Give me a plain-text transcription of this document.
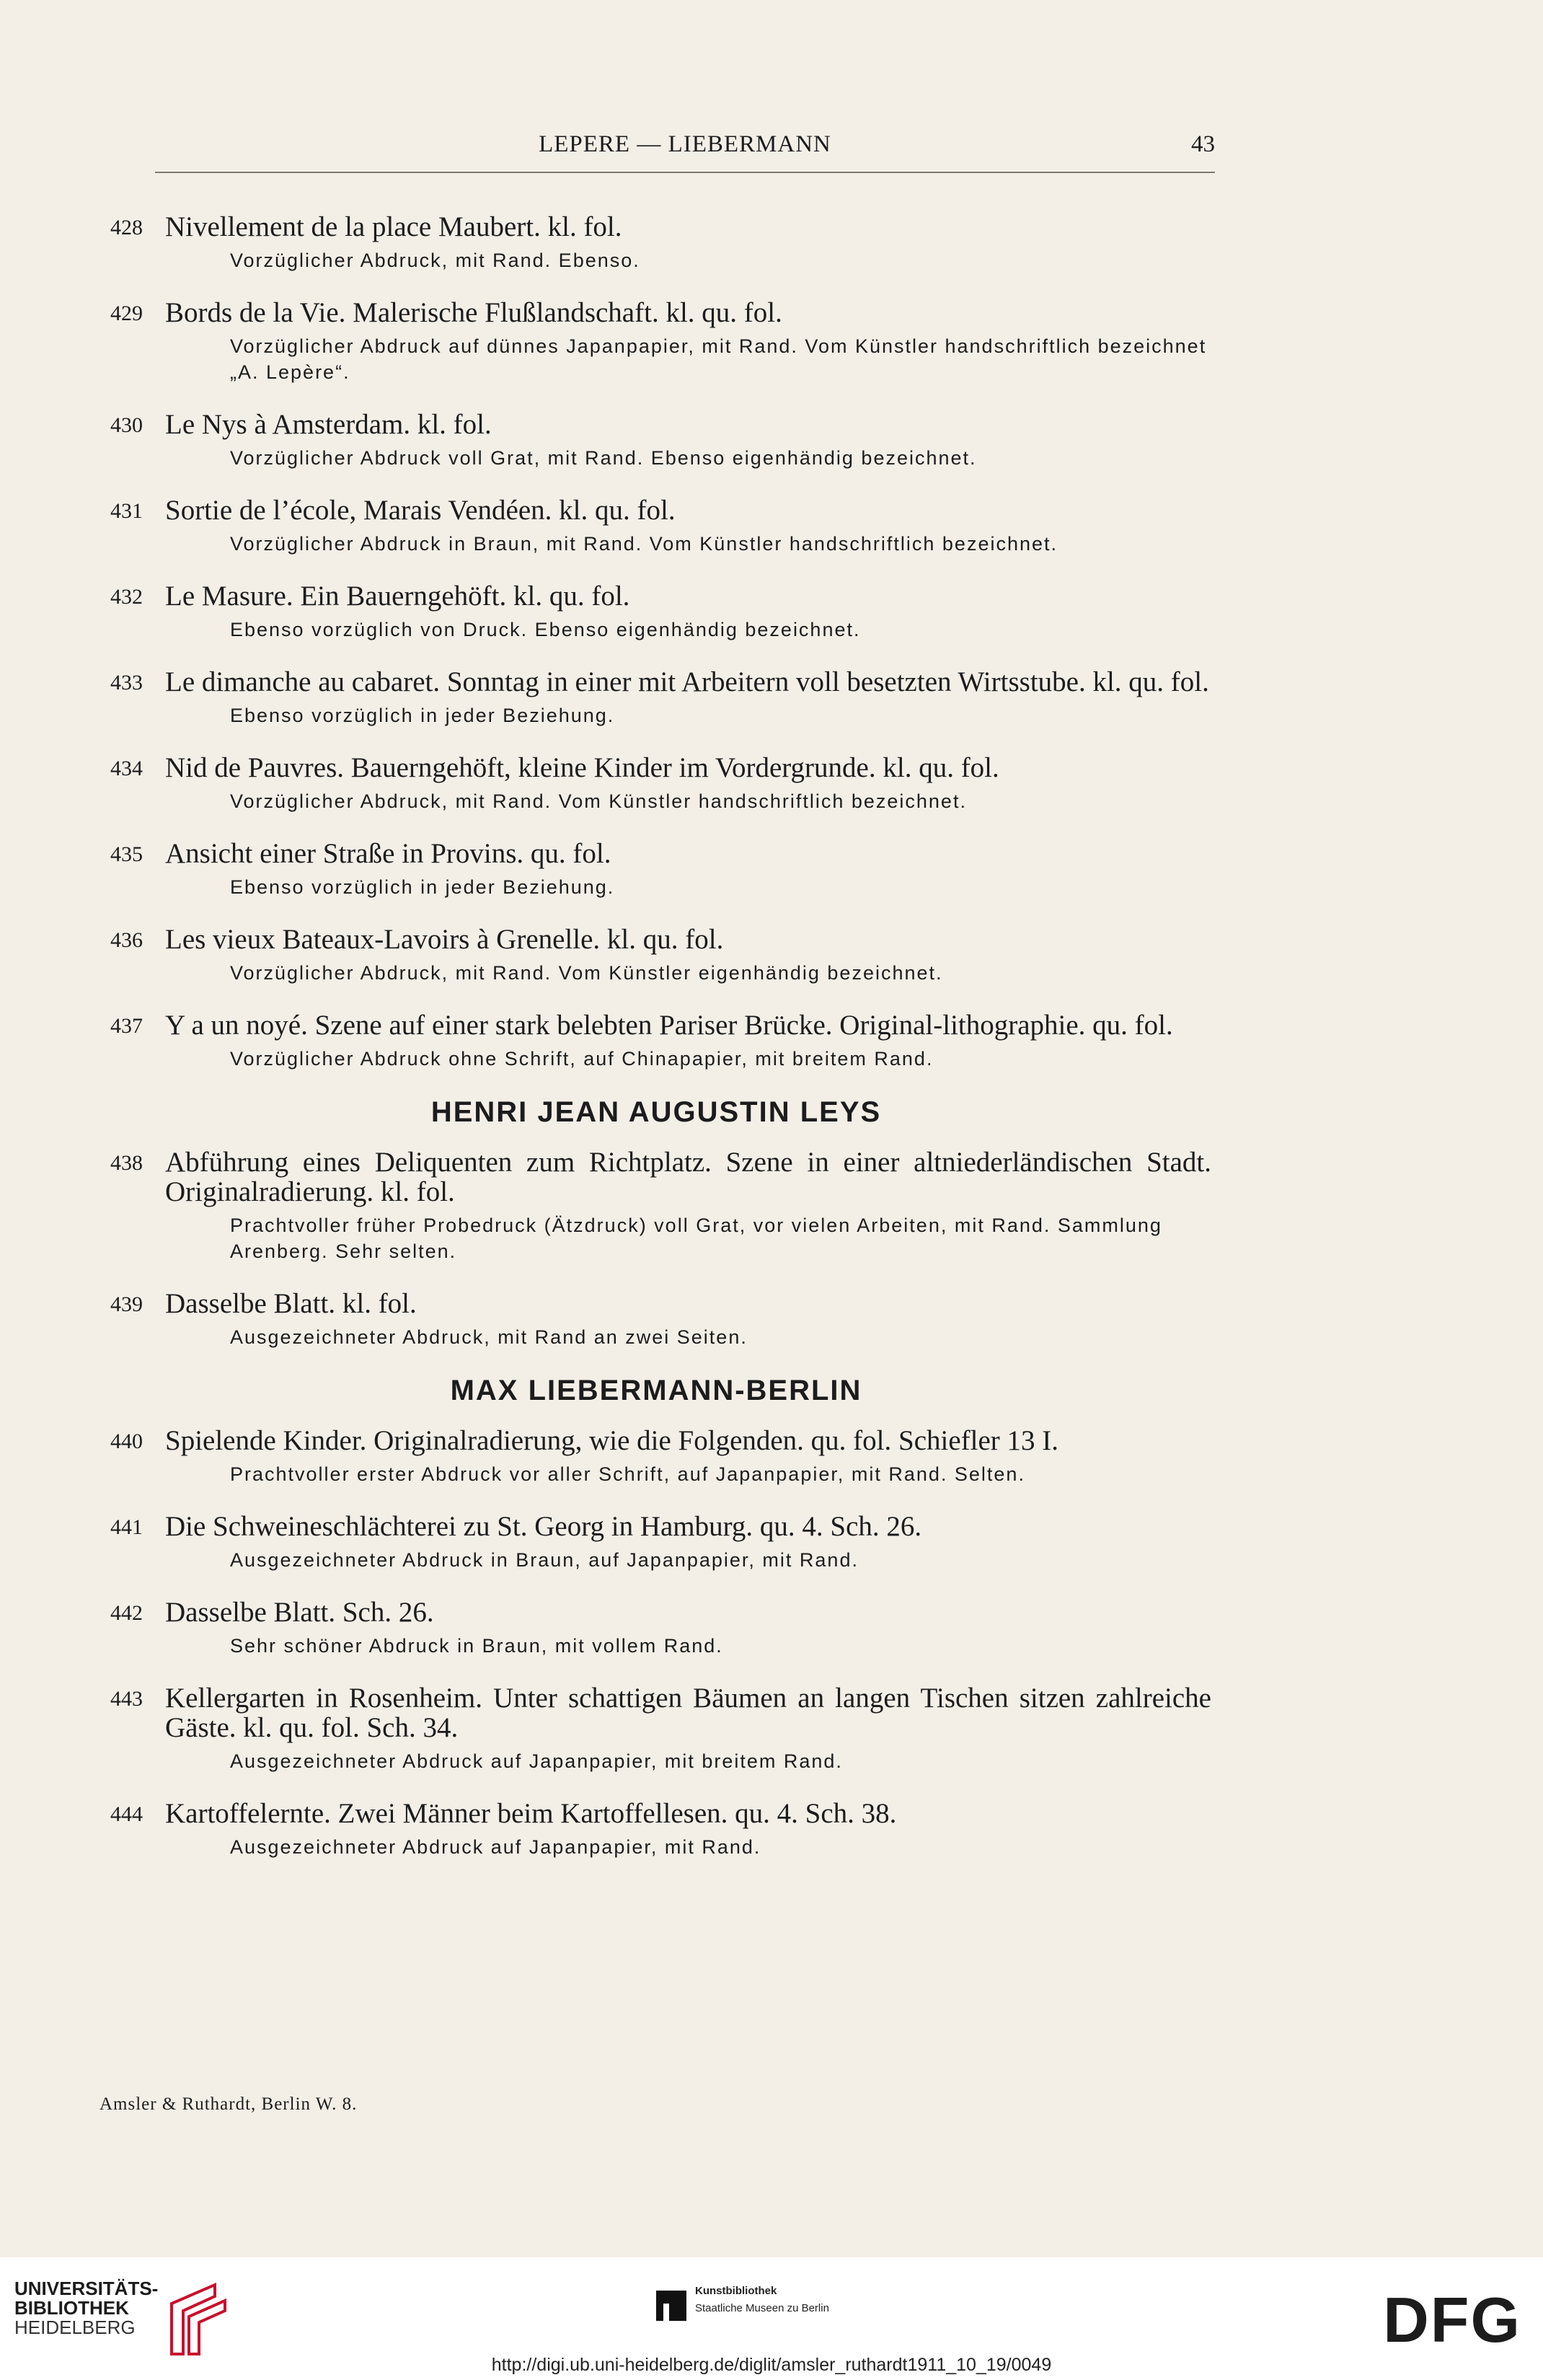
LEPERE — LIEBERMANN	43
428 Nivellement de la place Maubert. kl. fol.
Vorzüglicher Abdruck, mit Rand. Ebenso.
429 Bords de la Vie. Malerische Flußlandschaft. kl. qu. fol.
Vorzüglicher Abdruck auf dünnes Japanpapier, mit Rand. Vom Künstler handschriftlich bezeichnet „A. Lepère“.
430 Le Nys à Amsterdam. kl. fol.
Vorzüglicher Abdruck voll Grat, mit Rand. Ebenso eigenhändig bezeichnet.
431 Sortie de l’école, Marais Vendéen. kl. qu. fol.
Vorzüglicher Abdruck in Braun, mit Rand. Vom Künstler handschriftlich bezeichnet.
432 Le Masure. Ein Bauerngehöft. kl. qu. fol.
Ebenso vorzüglich von Druck. Ebenso eigenhändig bezeichnet.
433 Le dimanche au cabaret. Sonntag in einer mit Arbeitern voll besetzten Wirtsstube. kl. qu. fol.
Ebenso vorzüglich in jeder Beziehung.
434 Nid de Pauvres. Bauerngehöft, kleine Kinder im Vordergrunde. kl. qu. fol.
Vorzüglicher Abdruck, mit Rand. Vom Künstler handschriftlich bezeichnet.
435 Ansicht einer Straße in Provins. qu. fol.
Ebenso vorzüglich in jeder Beziehung.
436 Les vieux Bateaux-Lavoirs à Grenelle. kl. qu. fol.
Vorzüglicher Abdruck, mit Rand. Vom Künstler eigenhändig bezeichnet.
437 Y a un noyé. Szene auf einer stark belebten Pariser Brücke. Original-lithographie. qu. fol.
Vorzüglicher Abdruck ohne Schrift, auf Chinapapier, mit breitem Rand.
HENRI JEAN AUGUSTIN LEYS
438 Abführung eines Deliquenten zum Richtplatz. Szene in einer altniederländischen Stadt. Originalradierung. kl. fol.
Prachtvoller früher Probedruck (Ätzdruck) voll Grat, vor vielen Arbeiten, mit Rand. Sammlung Arenberg. Sehr selten.
439 Dasselbe Blatt. kl. fol.
Ausgezeichneter Abdruck, mit Rand an zwei Seiten.
MAX LIEBERMANN-BERLIN
440 Spielende Kinder. Originalradierung, wie die Folgenden. qu. fol. Schiefler 13 I.
Prachtvoller erster Abdruck vor aller Schrift, auf Japanpapier, mit Rand. Selten.
441 Die Schweineschlächterei zu St. Georg in Hamburg. qu. 4. Sch. 26.
Ausgezeichneter Abdruck in Braun, auf Japanpapier, mit Rand.
442 Dasselbe Blatt. Sch. 26.
Sehr schöner Abdruck in Braun, mit vollem Rand.
443 Kellergarten in Rosenheim. Unter schattigen Bäumen an langen Tischen sitzen zahlreiche Gäste. kl. qu. fol. Sch. 34.
Ausgezeichneter Abdruck auf Japanpapier, mit breitem Rand.
444 Kartoffelernte. Zwei Männer beim Kartoffellesen. qu. 4. Sch. 38.
Ausgezeichneter Abdruck auf Japanpapier, mit Rand.
Amsler & Ruthardt, Berlin W. 8.

UNIVERSITÄTS-

BIBLIOTHEK

HEIDELBERG

Kunstbibliothek
Staatliche Museen zu Berlin	DFG
http://digi.ub.uni-heidelberg.de/diglit/amsler_ruthardt1911_10_19/0049
